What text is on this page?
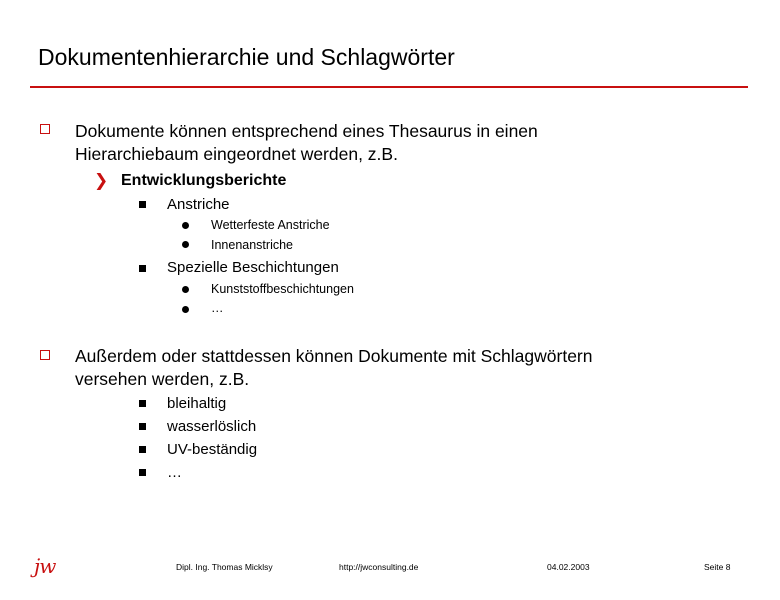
Dokumentenhierarchie und Schlagwörter
Dokumente können entsprechend eines Thesaurus in einen
Hierarchiebaum eingeordnet werden, z.B.
❯ Entwicklungsberichte
Anstriche
Wetterfeste Anstriche
Innenanstriche
Spezielle Beschichtungen
Kunststoffbeschichtungen
…
Außerdem oder stattdessen können Dokumente mit Schlagwörtern
versehen werden, z.B.
bleihaltig
wasserlöslich
UV-beständig
…
jw	Dipl. Ing. Thomas Micklsy	http://jwconsulting.de	04.02.2003	Seite 8
